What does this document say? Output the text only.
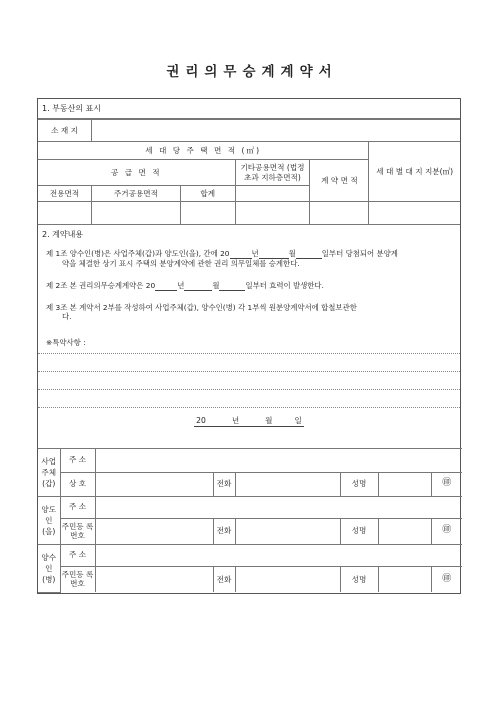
권리의무승계계약서
1. 부동산의 표시
소 재 지					
세 대 당 주 택 면 적 (㎡)					세 대 별 대 지 지분(㎡)
공 급 면 적			기타공용면적 (법정초과 지하층면적)	계 약 면 적	
전용면적	주거공용면적	합계			

2. 계약내용
제 1조 양수인(병)은 사업주체(갑)과 양도인(을), 간에 20	년	월	일부터 당첨되어 분양계
약을 체결한 상기 표시 주택의 분양계약에 관한 권리 의무일체를 승계한다.
제 2조 본 권리의무승계계약은 20	년	월	일부터 효력이 발생한다.
제 3조 본 계약서 2부를 작성하여 사업주체(갑), 양수인(병) 각 1부씩 원분양계약서에 합철보관한
다.
※특약사항 :
20	년	월	일
사업 주체 (갑)	주 소						
	상 호		전화		성명		㊞
양도 인 (을)	주 소						
	주민등 록번호		전화		성명		㊞
양수 인 (병)	주 소						
	주민등 록번호		전화		성명		㊞
